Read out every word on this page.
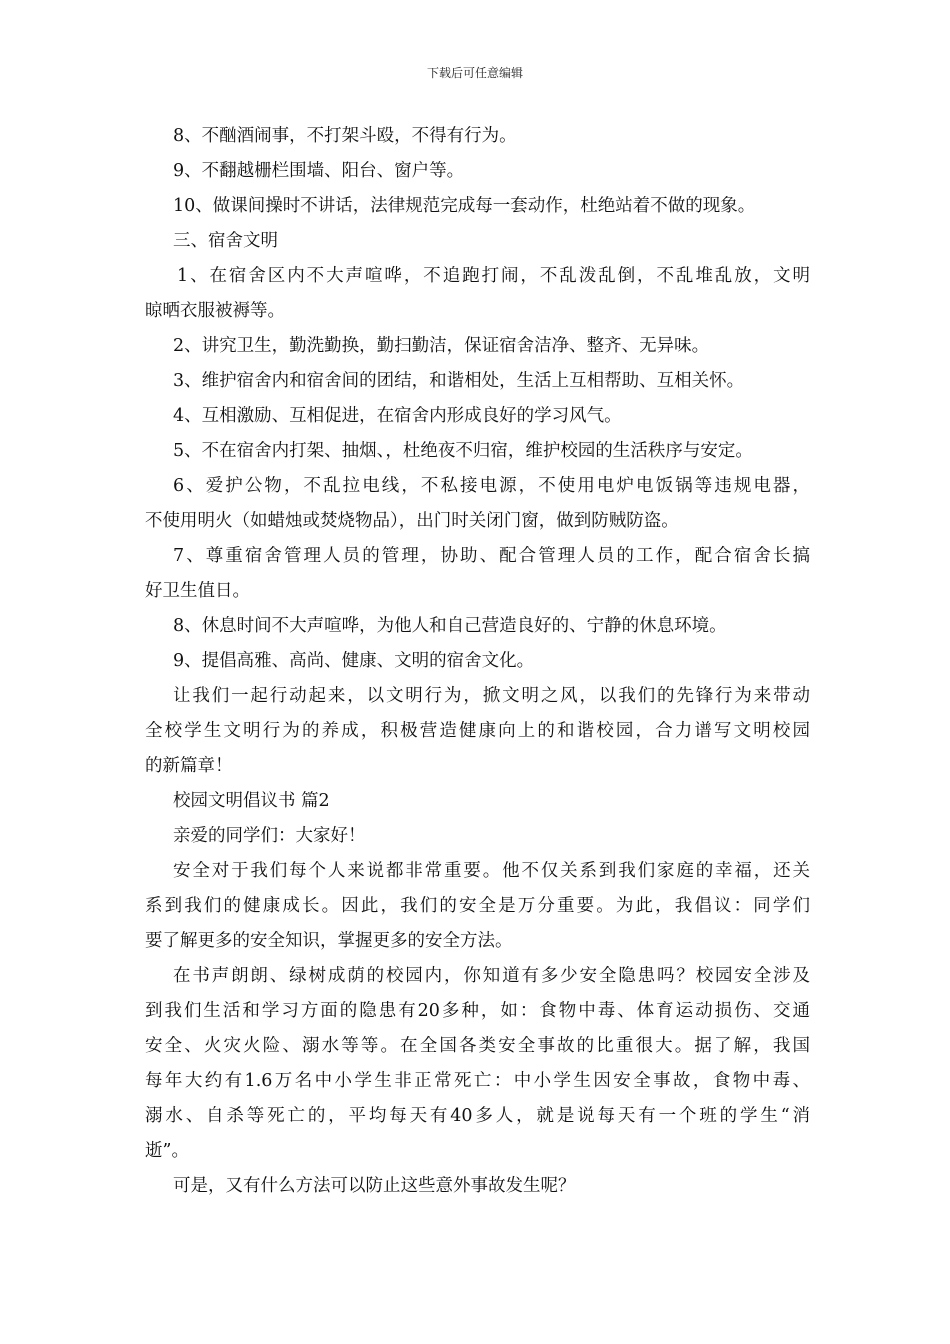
下载后可任意编辑
8、不酗酒闹事，不打架斗殴，不得有行为。
9、不翻越栅栏围墙、阳台、窗户等。
10、做课间操时不讲话，法律规范完成每一套动作，杜绝站着不做的现象。
三、宿舍文明
1、在宿舍区内不大声喧哗，不追跑打闹，不乱泼乱倒，不乱堆乱放，文明
晾晒衣服被褥等。
2、讲究卫生，勤洗勤换，勤扫勤洁，保证宿舍洁净、整齐、无异味。
3、维护宿舍内和宿舍间的团结，和谐相处，生活上互相帮助、互相关怀。
4、互相激励、互相促进，在宿舍内形成良好的学习风气。
5、不在宿舍内打架、抽烟、，杜绝夜不归宿，维护校园的生活秩序与安定。
6、爱护公物，不乱拉电线，不私接电源，不使用电炉电饭锅等违规电器，
不使用明火（如蜡烛或焚烧物品），出门时关闭门窗，做到防贼防盗。
7、尊重宿舍管理人员的管理，协助、配合管理人员的工作，配合宿舍长搞
好卫生值日。
8、休息时间不大声喧哗，为他人和自己营造良好的、宁静的休息环境。
9、提倡高雅、高尚、健康、文明的宿舍文化。
让我们一起行动起来，以文明行为，掀文明之风，以我们的先锋行为来带动
全校学生文明行为的养成，积极营造健康向上的和谐校园，合力谱写文明校园
的新篇章！
校园文明倡议书 篇2
亲爱的同学们：大家好！
安全对于我们每个人来说都非常重要。他不仅关系到我们家庭的幸福，还关
系到我们的健康成长。因此，我们的安全是万分重要。为此，我倡议：同学们
要了解更多的安全知识，掌握更多的安全方法。
在书声朗朗、绿树成荫的校园内，你知道有多少安全隐患吗？校园安全涉及
到我们生活和学习方面的隐患有20多种，如：食物中毒、体育运动损伤、交通
安全、火灾火险、溺水等等。在全国各类安全事故的比重很大。据了解，我国
每年大约有1.6万名中小学生非正常死亡：中小学生因安全事故，食物中毒、
溺水、自杀等死亡的，平均每天有40多人，就是说每天有一个班的学生“消
逝”。
可是，又有什么方法可以防止这些意外事故发生呢？
